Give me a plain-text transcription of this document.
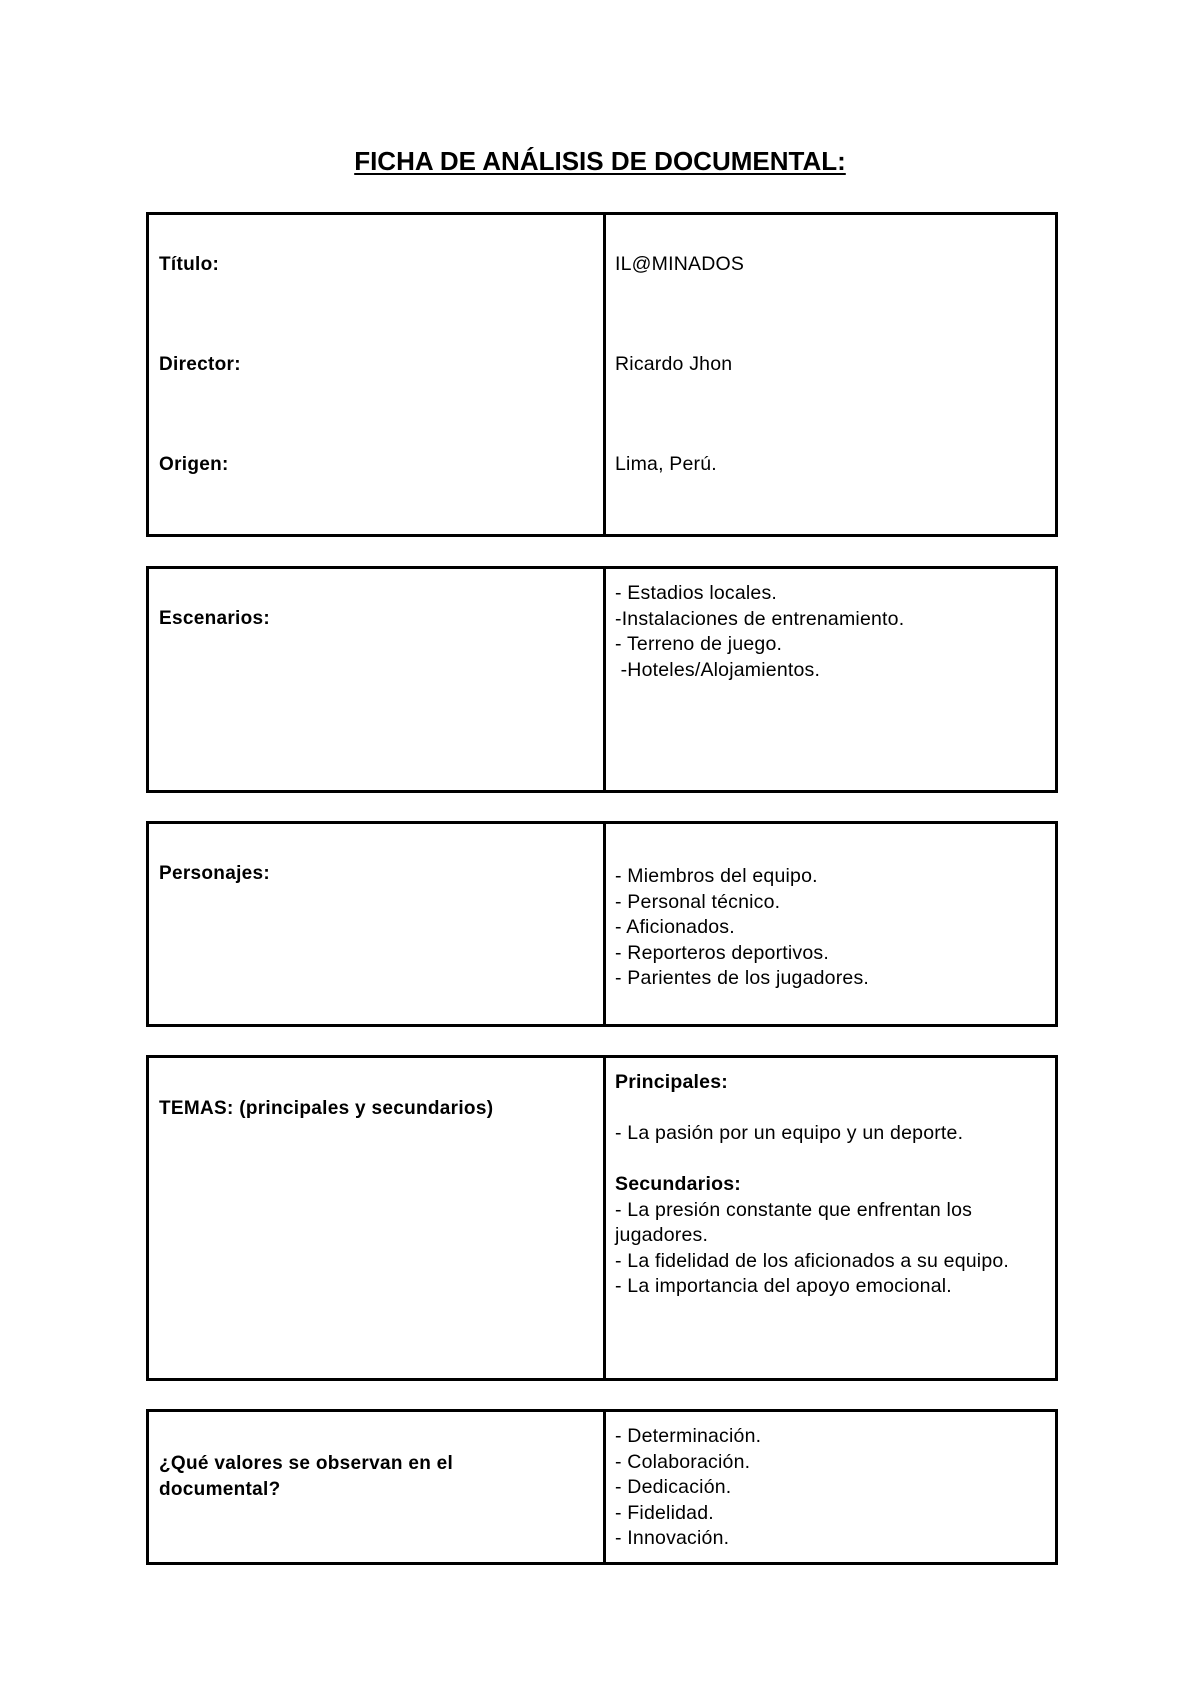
FICHA DE ANÁLISIS DE DOCUMENTAL:
Título:	IL@MINADOS
Director:	Ricardo Jhon
Origen:	Lima, Perú.
Escenarios:
- Estadios locales.
-Instalaciones de entrenamiento.
- Terreno de juego.
-Hoteles/Alojamientos.
Personajes:	- Miembros del equipo.
- Personal técnico.
- Aficionados.
- Reporteros deportivos.
- Parientes de los jugadores.
TEMAS: (principales y secundarios)
Principales:
- La pasión por un equipo y un deporte.
Secundarios:
- La presión constante que enfrentan los jugadores.
- La fidelidad de los aficionados a su equipo.
- La importancia del apoyo emocional.
¿Qué valores se observan en el documental?
- Determinación.
- Colaboración.
- Dedicación.
- Fidelidad.
- Innovación.
